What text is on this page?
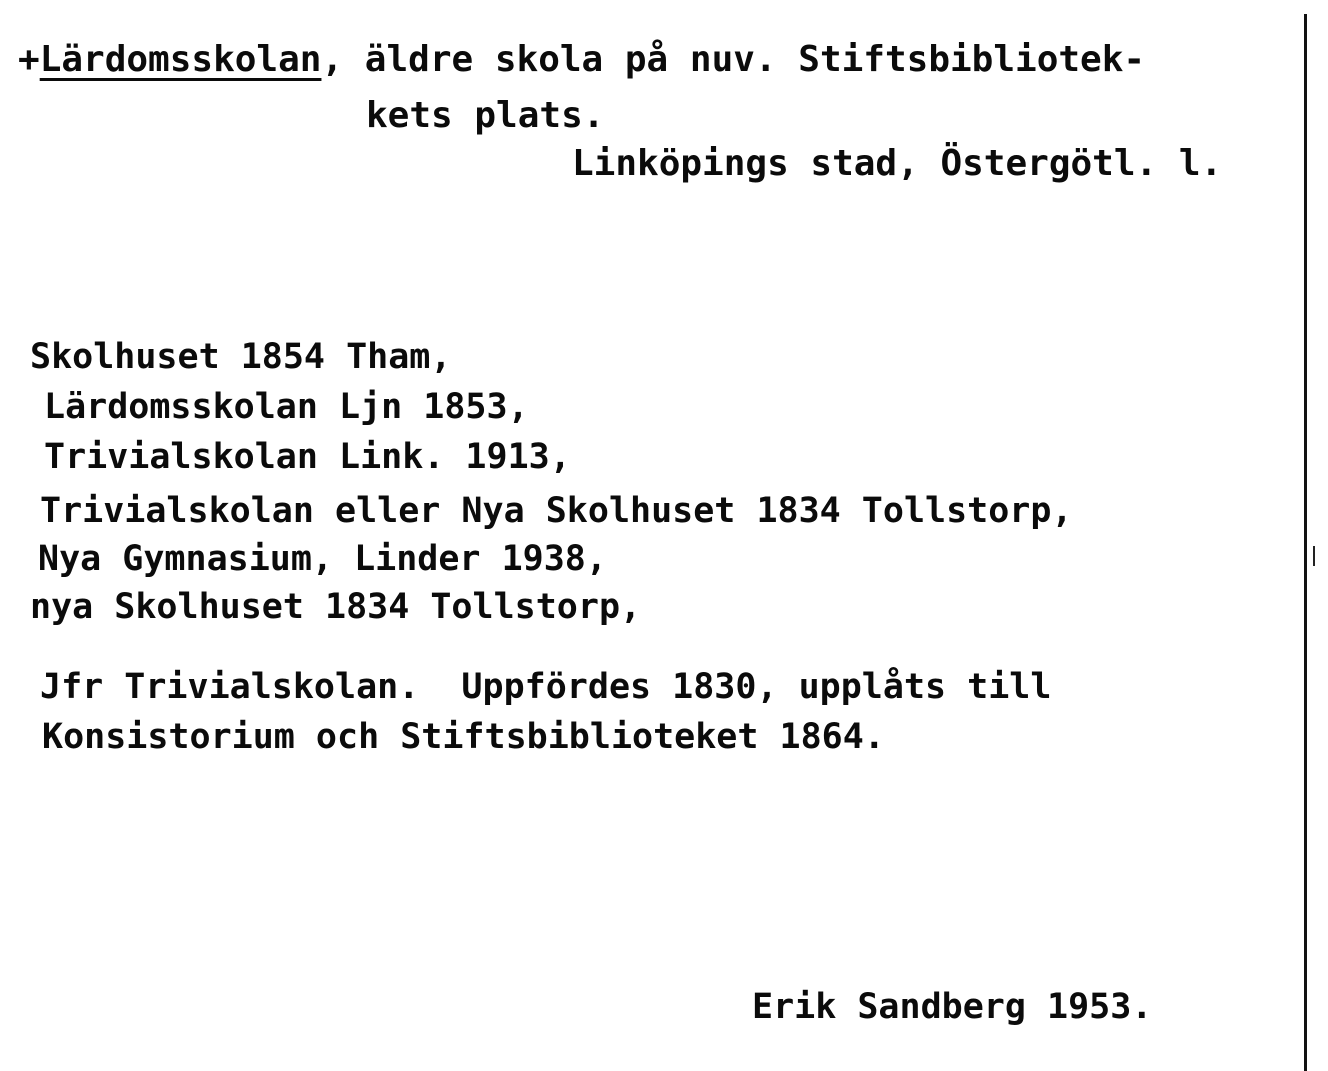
+Lärdomsskolan, äldre skola på nuv. Stiftsbibliotek-
kets plats.
Linköpings stad, Östergötl. l.
Skolhuset 1854 Tham,
Lärdomsskolan Ljn 1853,
Trivialskolan Link. 1913,
Trivialskolan eller Nya Skolhuset 1834 Tollstorp,
Nya Gymnasium, Linder 1938,
nya Skolhuset 1834 Tollstorp,
Jfr Trivialskolan.  Uppfördes 1830, upplåts till
Konsistorium och Stiftsbiblioteket 1864.
Erik Sandberg 1953.
